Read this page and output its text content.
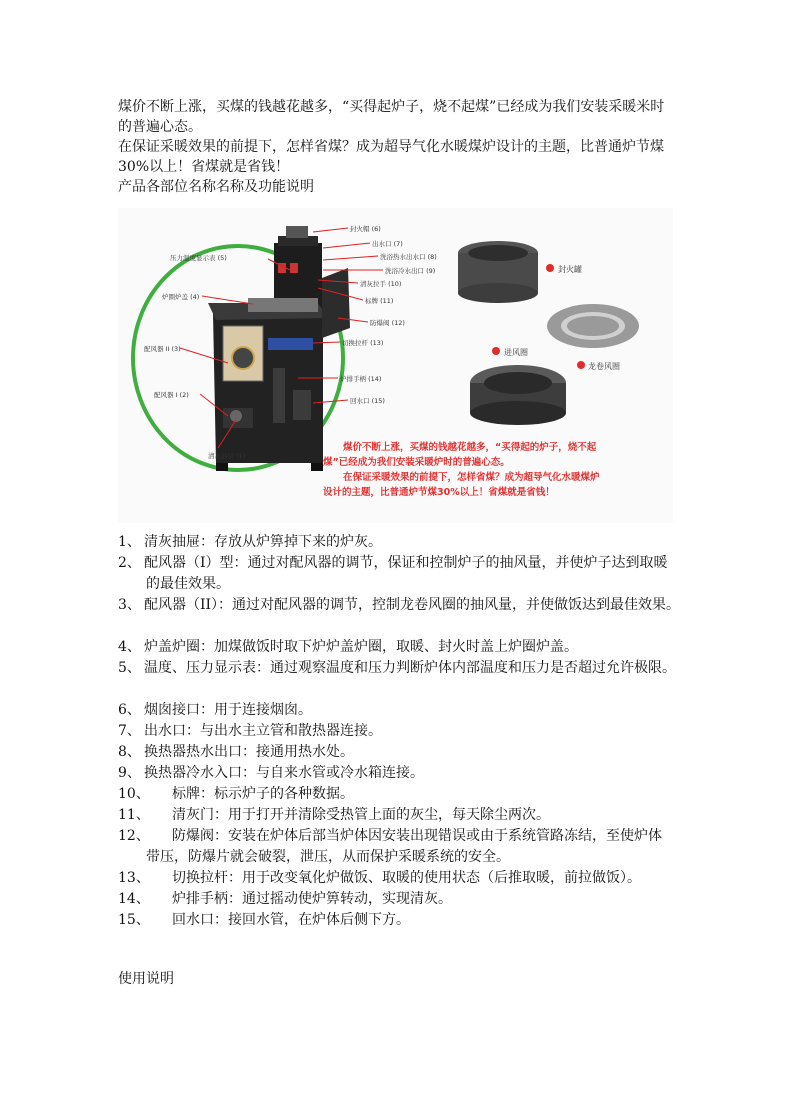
煤价不断上涨，买煤的钱越花越多，“买得起炉子，烧不起煤”已经成为我们安装采暖米时

的普遍心态。

在保证采暖效果的前提下，怎样省煤？成为超导气化水暖煤炉设计的主题，比普通炉节煤

30%以上！省煤就是省钱！

产品各部位名称名称及功能说明

封火帽 (6)
出水口 (7)
洗浴热水出水口 (8)
洗浴冷水出口 (9)
清灰拉手 (10)
标牌 (11)
防爆阀 (12)
切换拉杆 (13)
炉排手柄 (14)
回水口 (15)
压力温度显示表 (5)
炉圈炉盖 (4)
配风器 II (3)
配风器 I (2)
清灰抽屉 (1)
封火罐
进风圈
龙卷风圈
煤价不断上涨，买煤的钱越花越多，“买得起的炉子，烧不起
煤”已经成为我们安装采暖炉时的普遍心态。
在保证采暖效果的前提下，怎样省煤？成为超导气化水暖煤炉
设计的主题，比普通炉节煤30%以上！省煤就是省钱！
1、 清灰抽屉：存放从炉箅掉下来的炉灰。
2、 配风器（I）型：通过对配风器的调节，保证和控制炉子的抽风量，并使炉子达到取暖
的最佳效果。
3、 配风器（II）：通过对配风器的调节，控制龙卷风圈的抽风量，并使做饭达到最佳效果。
4、 炉盖炉圈：加煤做饭时取下炉炉盖炉圈，取暖、封火时盖上炉圈炉盖。
5、 温度、压力显示表：通过观察温度和压力判断炉体内部温度和压力是否超过允许极限。
6、 烟囱接口：用于连接烟囱。
7、 出水口：与出水主立管和散热器连接。
8、 换热器热水出口：接通用热水处。
9、 换热器冷水入口：与自来水管或冷水箱连接。
10、	标牌：标示炉子的各种数据。
11、	清灰门：用于打开并清除受热管上面的灰尘，每天除尘两次。
12、	防爆阀：安装在炉体后部当炉体因安装出现错误或由于系统管路冻结，至使炉体
带压，防爆片就会破裂，泄压，从而保护采暖系统的安全。
13、	切换拉杆：用于改变氧化炉做饭、取暖的使用状态（后推取暖，前拉做饭）。
14、	炉排手柄：通过摇动使炉箅转动，实现清灰。
15、	回水口：接回水管，在炉体后侧下方。
使用说明
